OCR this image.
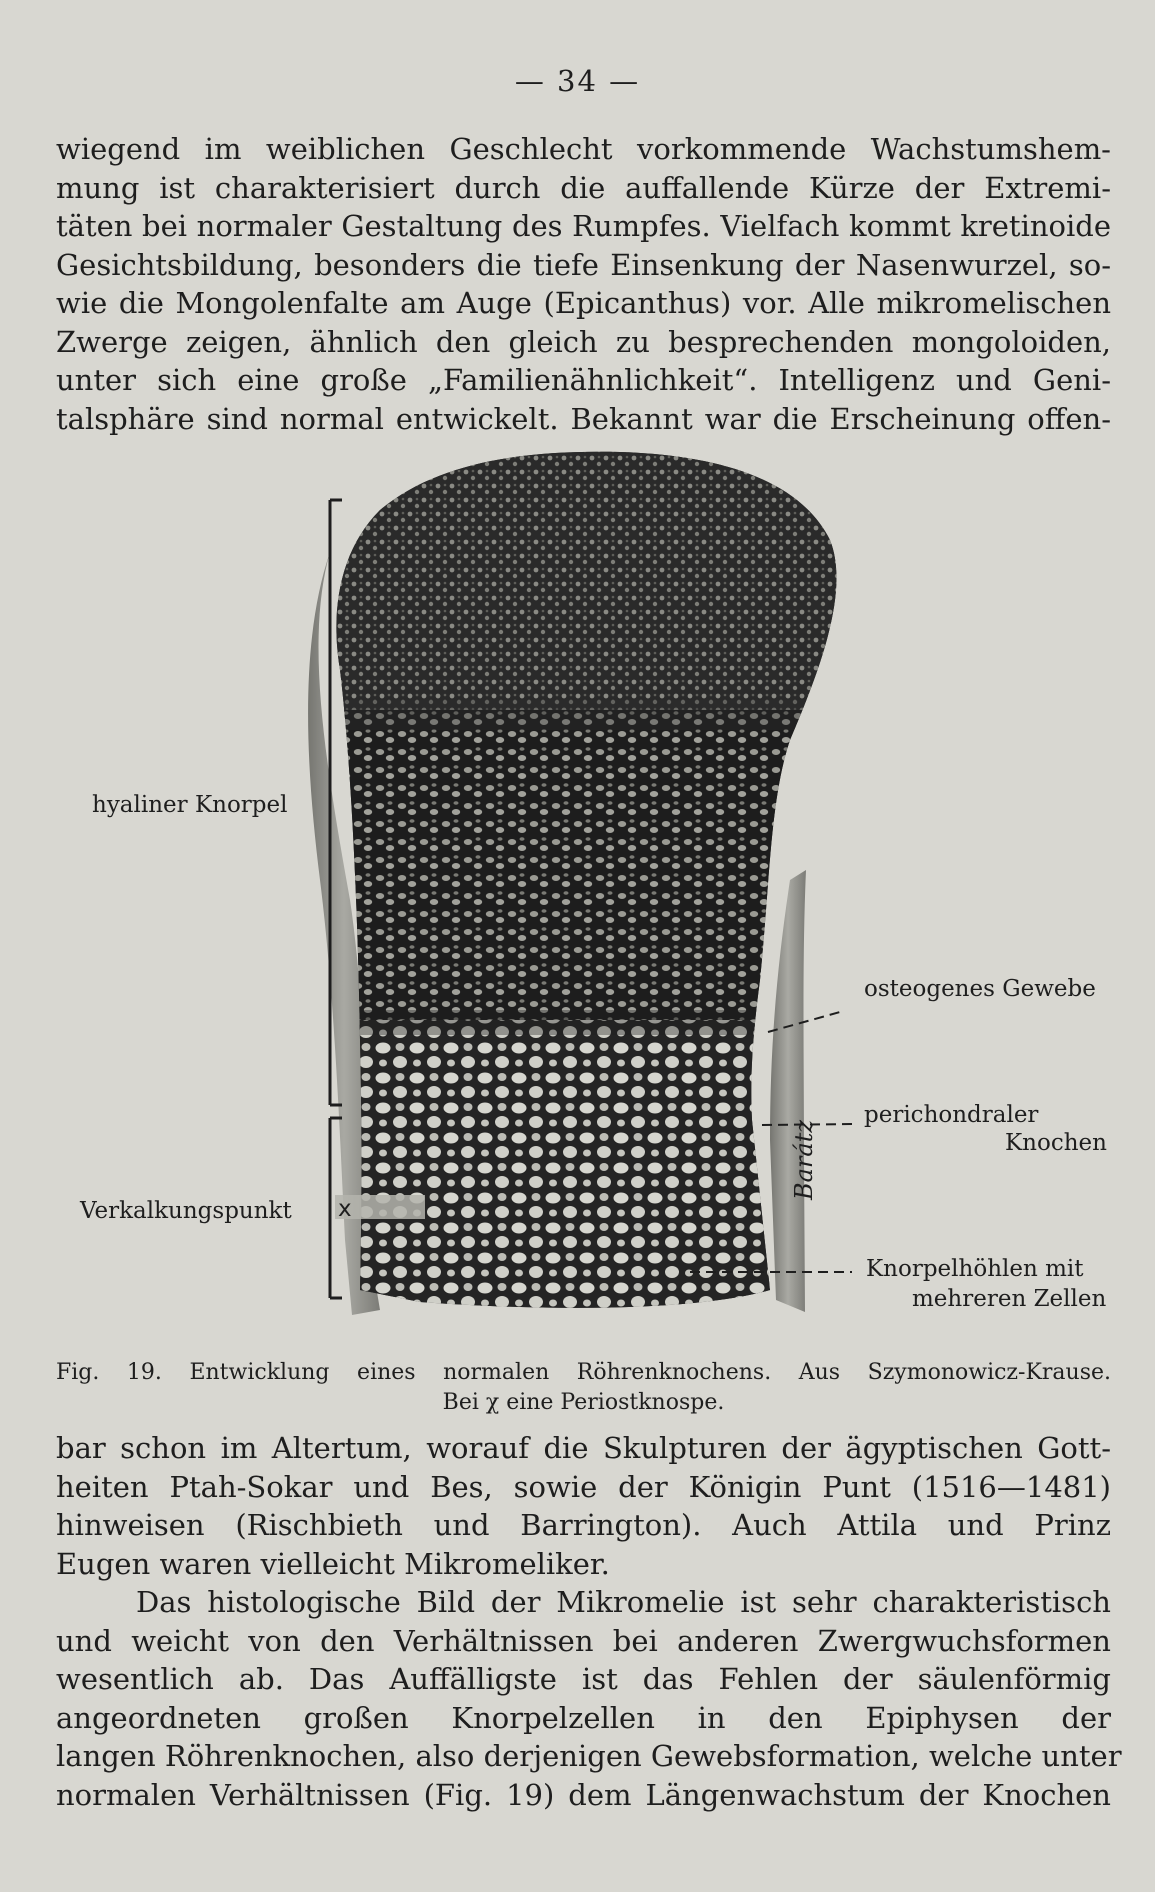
— 34 —
wiegend im weiblichen Geschlecht vorkommende Wachstumshem-
mung ist charakterisiert durch die auffallende Kürze der Extremi-
täten bei normaler Gestaltung des Rumpfes. Vielfach kommt kretinoide
Gesichtsbildung, besonders die tiefe Einsenkung der Nasenwurzel, so-
wie die Mongolenfalte am Auge (Epicanthus) vor. Alle mikromelischen
Zwerge zeigen, ähnlich den gleich zu besprechenden mongoloiden,
unter sich eine große „Familienähnlichkeit“. Intelligenz und Geni-
talsphäre sind normal entwickelt. Bekannt war die Erscheinung offen-
Barátz
hyaliner Knorpel
Verkalkungspunkt x
osteogenes Gewebe
perichondraler
Knochen
Knorpelhöhlen mit
mehreren Zellen
Fig. 19. Entwicklung eines normalen Röhrenknochens. Aus Szymonowicz-Krause.
Bei χ eine Periostknospe.
bar schon im Altertum, worauf die Skulpturen der ägyptischen Gott-
heiten Ptah-Sokar und Bes, sowie der Königin Punt (1516—1481)
hinweisen (Rischbieth und Barrington). Auch Attila und Prinz
Eugen waren vielleicht Mikromeliker.
Das histologische Bild der Mikromelie ist sehr charakteristisch
und weicht von den Verhältnissen bei anderen Zwergwuchsformen
wesentlich ab. Das Auffälligste ist das Fehlen der säulenförmig
angeordneten großen Knorpelzellen in den Epiphysen der
langen Röhrenknochen, also derjenigen Gewebsformation, welche unter
normalen Verhältnissen (Fig. 19) dem Längenwachstum der Knochen
